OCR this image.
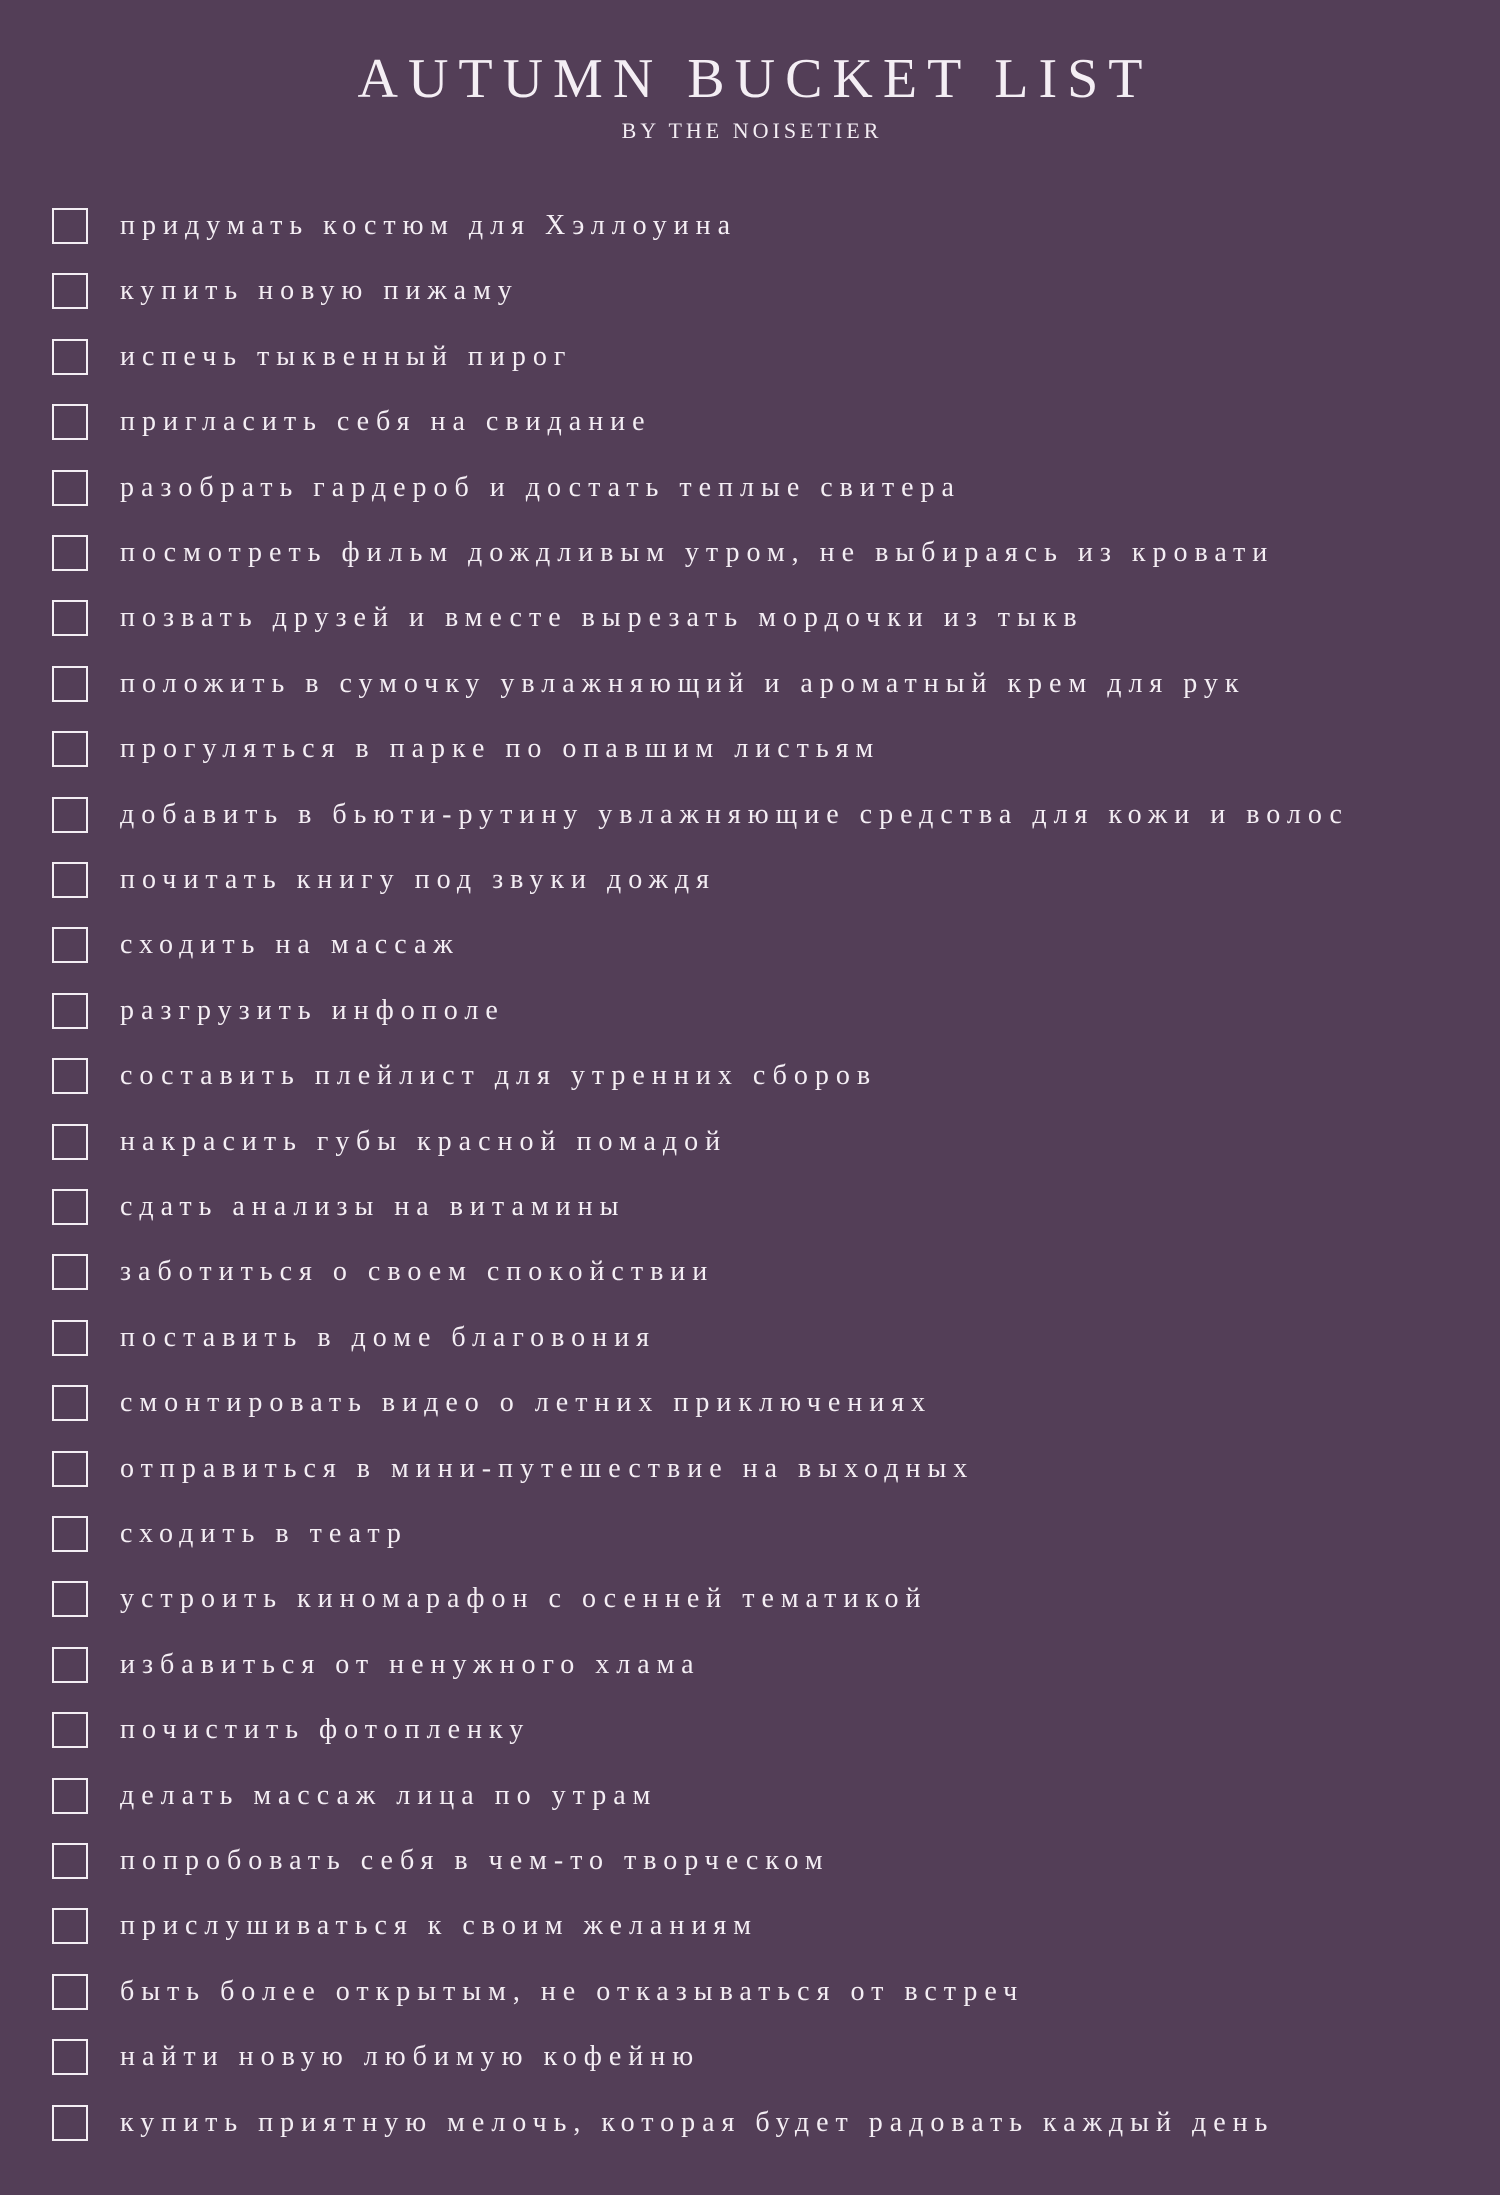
AUTUMN BUCKET LIST
BY THE NOISETIER
придумать костюм для Хэллоуина
купить новую пижаму
испечь тыквенный пирог
пригласить себя на свидание
разобрать гардероб и достать теплые свитера
посмотреть фильм дождливым утром, не выбираясь из кровати
позвать друзей и вместе вырезать мордочки из тыкв
положить в сумочку увлажняющий и ароматный крем для рук
прогуляться в парке по опавшим листьям
добавить в бьюти-рутину увлажняющие средства для кожи и волос
почитать книгу под звуки дождя
сходить на массаж
разгрузить инфополе
составить плейлист для утренних сборов
накрасить губы красной помадой
сдать анализы на витамины
заботиться о своем спокойствии
поставить в доме благовония
смонтировать видео о летних приключениях
отправиться в мини-путешествие на выходных
сходить в театр
устроить киномарафон с осенней тематикой
избавиться от ненужного хлама
почистить фотопленку
делать массаж лица по утрам
попробовать себя в чем-то творческом
прислушиваться к своим желаниям
быть более открытым, не отказываться от встреч
найти новую любимую кофейню
купить приятную мелочь, которая будет радовать каждый день
